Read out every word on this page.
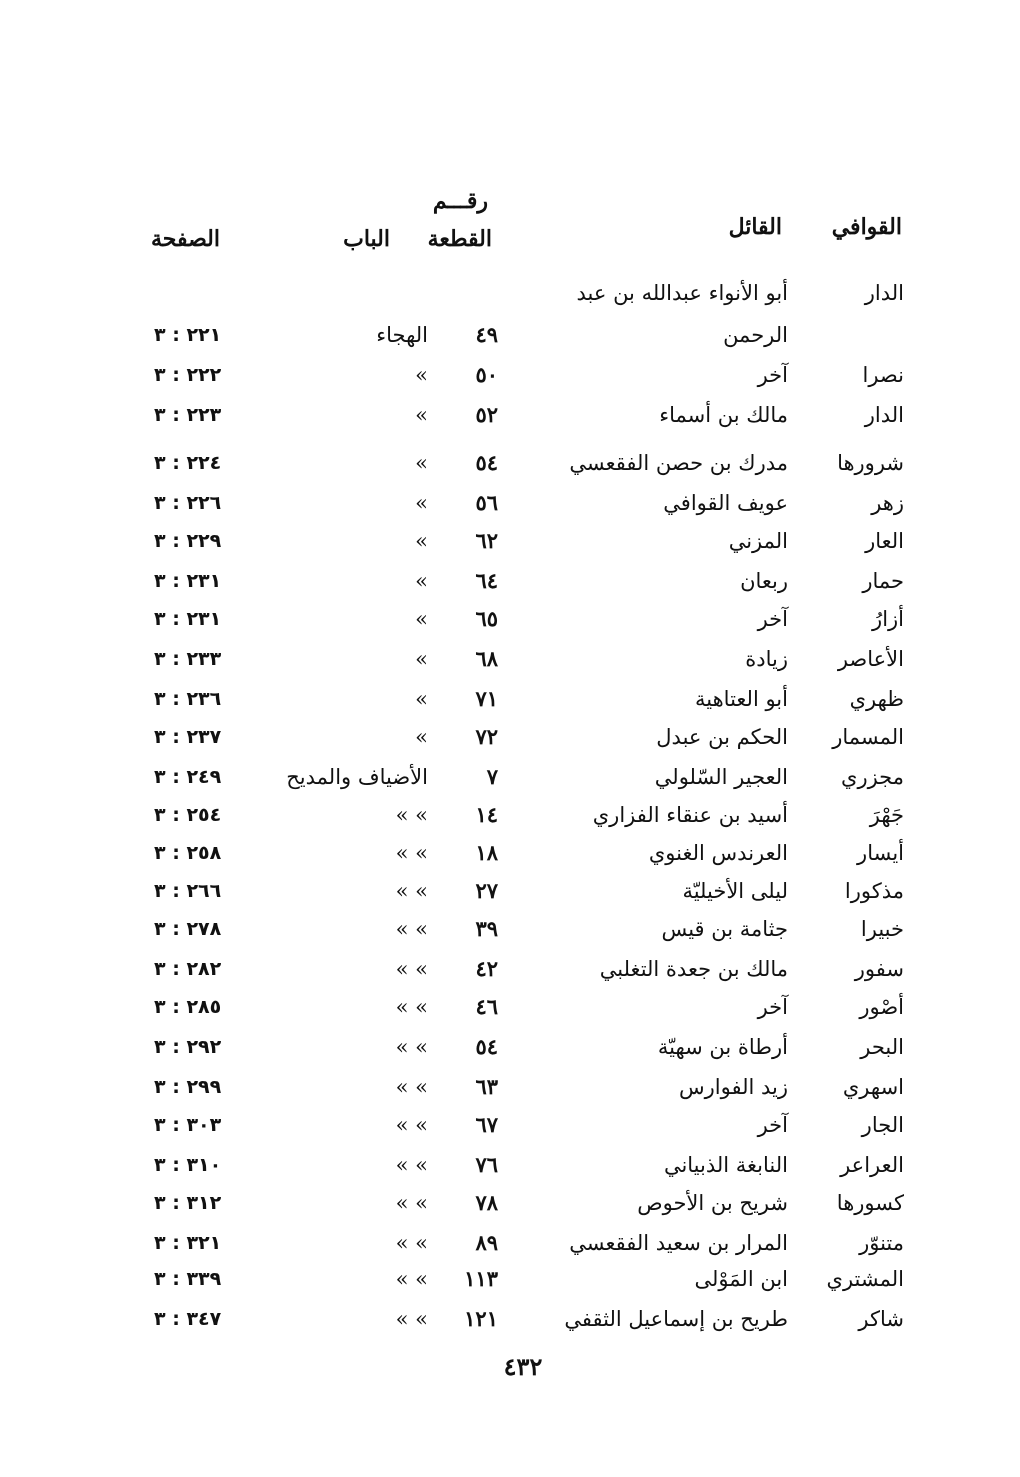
القوافي
القائل
رقـــم
القطعة
الباب
الصفحة
الدار
أبو الأنواء عبدالله بن عبد
الرحمن
٤٩
الهجاء
٢٢١ : ٣
نصرا
آخر
٥٠
»
٢٢٢ : ٣
الدار
مالك بن أسماء
٥٢
»
٢٢٣ : ٣
شرورها
مدرك بن حصن الفقعسي
٥٤
»
٢٢٤ : ٣
زهر
عويف القوافي
٥٦
»
٢٢٦ : ٣
العار
المزني
٦٢
»
٢٢٩ : ٣
حمار
ربعان
٦٤
»
٢٣١ : ٣
أزارُ
آخر
٦٥
»
٢٣١ : ٣
الأعاصر
زيادة
٦٨
»
٢٣٣ : ٣
ظهري
أبو العتاهية
٧١
»
٢٣٦ : ٣
المسمار
الحكم بن عبدل
٧٢
»
٢٣٧ : ٣
مجزري
العجير السّلولي
٧
الأضياف والمديح
٢٤٩ : ٣
جَهْرَ
أسيد بن عنقاء الفزاري
١٤
» »
٢٥٤ : ٣
أيسار
العرندس الغنوي
١٨
» »
٢٥٨ : ٣
مذكورا
ليلى الأخيليّة
٢٧
» »
٢٦٦ : ٣
خبيرا
جثامة بن قيس
٣٩
» »
٢٧٨ : ٣
سفور
مالك بن جعدة التغلبي
٤٢
» »
٢٨٢ : ٣
أصْور
آخر
٤٦
» »
٢٨٥ : ٣
البحر
أرطاة بن سهيّة
٥٤
» »
٢٩٢ : ٣
اسهري
زيد الفوارس
٦٣
» »
٢٩٩ : ٣
الجار
آخر
٦٧
» »
٣٠٣ : ٣
العراعر
النابغة الذبياني
٧٦
» »
٣١٠ : ٣
كسورها
شريح بن الأحوص
٧٨
» »
٣١٢ : ٣
متنوّر
المرار بن سعيد الفقعسي
٨٩
» »
٣٢١ : ٣
المشتري
ابن المَوْلى
١١٣
» »
٣٣٩ : ٣
شاكر
طريح بن إسماعيل الثقفي
١٢١
» »
٣٤٧ : ٣
٤٣٢
